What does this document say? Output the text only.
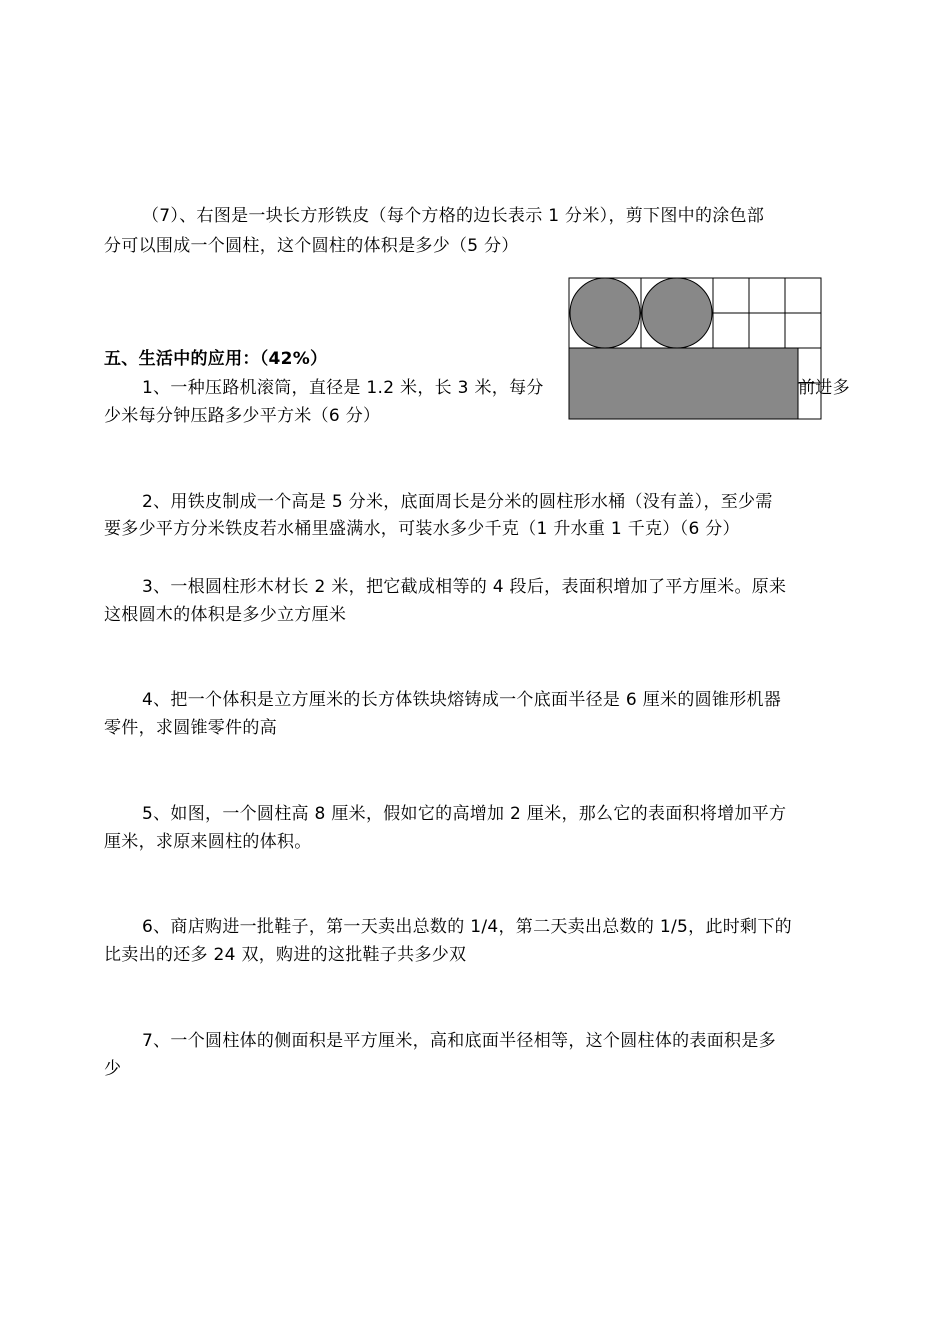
（7）、右图是一块长方形铁皮（每个方格的边长表示 1 分米），剪下图中的涂色部
分可以围成一个圆柱，这个圆柱的体积是多少（5 分）
五、生活中的应用：（42%）
1、一种压路机滚筒，直径是 1.2 米，长 3 米，每分	前进多
少米每分钟压路多少平方米（6 分）
2、用铁皮制成一个高是 5 分米，底面周长是分米的圆柱形水桶（没有盖），至少需
要多少平方分米铁皮若水桶里盛满水，可装水多少千克（1 升水重 1 千克）（6 分）
3、一根圆柱形木材长 2 米，把它截成相等的 4 段后，表面积增加了平方厘米。原来
这根圆木的体积是多少立方厘米
4、把一个体积是立方厘米的长方体铁块熔铸成一个底面半径是 6 厘米的圆锥形机器
零件，求圆锥零件的高
5、如图，一个圆柱高 8 厘米，假如它的高增加 2 厘米，那么它的表面积将增加平方
厘米，求原来圆柱的体积。
6、商店购进一批鞋子，第一天卖出总数的 1/4，第二天卖出总数的 1/5，此时剩下的
比卖出的还多 24 双，购进的这批鞋子共多少双
7、一个圆柱体的侧面积是平方厘米，高和底面半径相等，这个圆柱体的表面积是多
少
